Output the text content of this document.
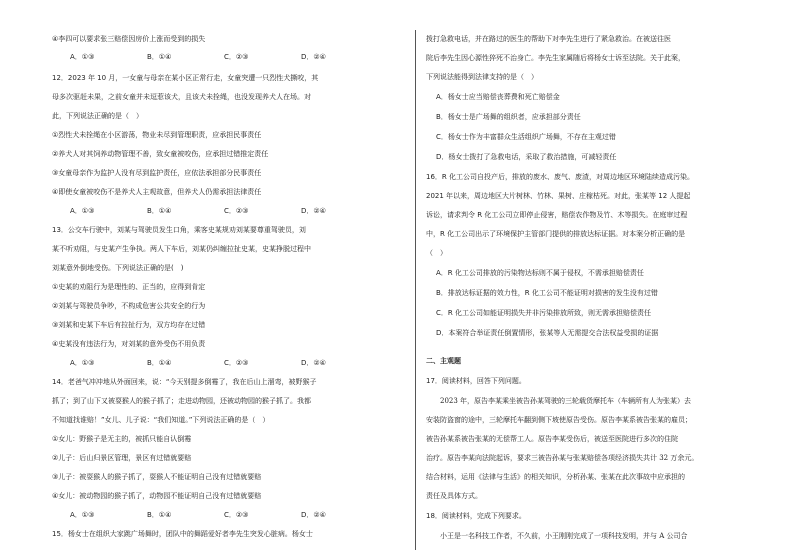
④李四可以要求张三赔偿因房价上涨而受到的损失
A．①③	B．①④	C．②③	D．②④
12．2023 年 10 月，一女童与母亲在某小区正常行走，女童突遭一只烈性犬撕咬，其
母多次驱赶未果，之前女童并未逗惹该犬，且该犬未拴绳，也没发现养犬人在场。对
此，下列说法正确的是（　）
①烈性犬未拴绳在小区游荡，物业未尽到管理职责，应承担民事责任
②养犬人对其饲养动物管理不善，致女童被咬伤，应承担过错推定责任
③女童母亲作为监护人没有尽到监护责任，应依法承担部分民事责任
④即使女童被咬伤不是养犬人主观故意，但养犬人仍需承担法律责任
A．①③	B．①④	C．②③	D．②④
13．公交车行驶中，刘某与驾驶员发生口角，乘客史某规劝刘某要尊重驾驶员，刘
某不听劝阻，与史某产生争执。两人下车后，刘某仍纠缠拉扯史某，史某挣脱过程中
刘某意外倒地受伤。下列说法正确的是(　)
①史某的劝阻行为是理性的、正当的，应得到肯定
②刘某与驾驶员争吵，不构成危害公共安全的行为
③刘某和史某下车后有拉扯行为，双方均存在过错
④史某没有违法行为，对刘某的意外受伤不用负责
A．①③	B．①④	C．②③	D．②④
14．老爸气冲冲地从外面回来，说：“今天别提多倒霉了，我在后山上溜弯，被野猴子
抓了；到了山下又被耍猴人的猴子抓了；走进动物园，还被动物园的猴子抓了。我都
不知道找谁赔！”女儿、儿子说：“我们知道。”下列说法正确的是（　）
①女儿：野猴子是无主的，被抓只能自认倒霉
②儿子：后山归景区管理，景区有过错就要赔
③儿子：被耍猴人的猴子抓了，耍猴人不能证明自己没有过错就要赔
④女儿：被动物园的猴子抓了，动物园不能证明自己没有过错就要赔
A．①③	B．①④	C．②③	D．②④
15．杨女士在组织大家跳广场舞时，团队中的舞蹈爱好者李先生突发心脏病。杨女士
拨打急救电话，并在路过的医生的帮助下对李先生进行了紧急救治。在被送往医
院后李先生因心源性猝死不治身亡。李先生家属随后将杨女士诉至法院。关于此案，
下列说法能得到法律支持的是（　）
A．杨女士应当赔偿丧葬费和死亡赔偿金
B．杨女士是广场舞的组织者，应承担部分责任
C．杨女士作为丰富群众生活组织广场舞，不存在主观过错
D．杨女士拨打了急救电话，采取了救治措施，可减轻责任
16．R 化工公司自投产后，排放的废水、废气、废渣，对周边地区环境陆续造成污染。
2021 年以来，周边地区大片树林、竹林、果树、庄稼枯死。对此，张某等 12 人提起
诉讼，请求判令 R 化工公司立即停止侵害，赔偿农作物及竹、木等损失。在庭审过程
中，R 化工公司出示了环境保护主管部门提供的排放达标证据。对本案分析正确的是
（　）
A．R 化工公司排放的污染物达标则不属于侵权，不需承担赔偿责任
B．排放达标证据的效力性，R 化工公司不能证明对损害的发生没有过错
C．R 化工公司如能证明损失并非污染排放所致，则无需承担赔偿责任
D．本案符合举证责任倒置情形，张某等人无需提交合法权益受损的证据
二、主观题
17．阅读材料，回答下列问题。
2023 年，原告李某乘坐被告孙某驾驶的三轮载货摩托车（车辆所有人为张某）去
安装防盗窗的途中，三轮摩托车翻到侧下坡使原告受伤。原告李某系被告张某的雇员；
被告孙某系被告张某的无偿帮工人。原告李某受伤后，被送至医院进行多次的住院
治疗。原告李某向法院起诉，要求三被告孙某与张某赔偿各项经济损失共计 32 万余元。
结合材料，运用《法律与生活》的相关知识，分析孙某、张某在此次事故中应承担的
责任及具体方式。
18．阅读材料，完成下列要求。
小王是一名科技工作者，不久前，小王刚刚完成了一项科技发明，并与 A 公司合
